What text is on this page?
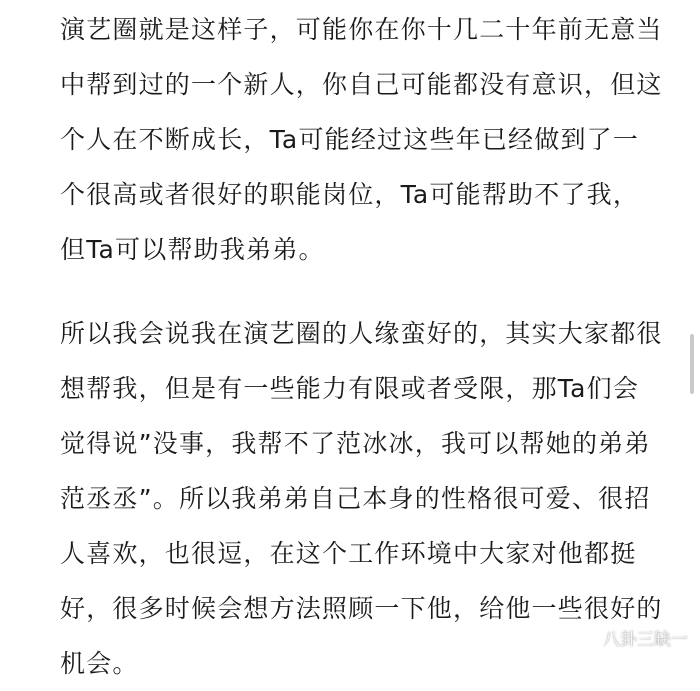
演艺圈就是这样子，可能你在你十几二十年前无意当
中帮到过的一个新人，你自己可能都没有意识，但这
个人在不断成长，Ta可能经过这些年已经做到了一
个很高或者很好的职能岗位，Ta可能帮助不了我，
但Ta可以帮助我弟弟。
所以我会说我在演艺圈的人缘蛮好的，其实大家都很
想帮我，但是有一些能力有限或者受限，那Ta们会
觉得说”没事，我帮不了范冰冰，我可以帮她的弟弟
范丞丞”。所以我弟弟自己本身的性格很可爱、很招
人喜欢，也很逗，在这个工作环境中大家对他都挺
好，很多时候会想方法照顾一下他，给他一些很好的
机会。
八卦三缺一
